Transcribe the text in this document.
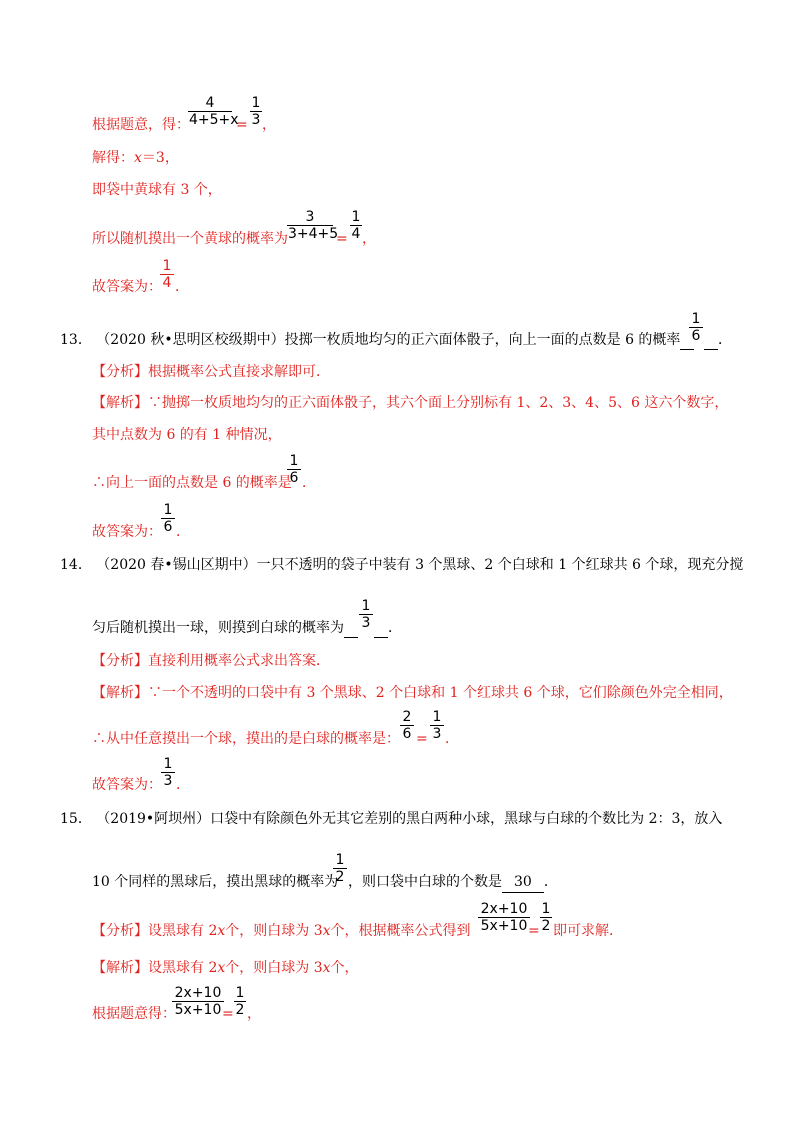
根据题意，得：
$\frac{4}{4+5+x} = \frac{1}{3}$ ，
解得：x＝3，
即袋中黄球有 3 个，
所以随机摸出一个黄球的概率为 $\frac{3}{3+4+5} = \frac{1}{4}$ ，
故答案为：
$\frac{1}{4}$ ．
13． （2020 秋•思明区校级期中）投掷一枚质地均匀的正六面体骰子，向上一面的点数是 6 的概率 $\frac{1}{6}$	．
【分析】根据概率公式直接求解即可．
【解析】∵抛掷一枚质地均匀的正六面体骰子，其六个面上分别标有 1、2、3、4、5、6 这六个数字，
其中点数为 6 的有 1 种情况，
∴向上一面的点数是 6 的概率是
$\frac{1}{6}$ ．
故答案为： $\frac{1}{6}$ ．
14． （2020 春•锡山区期中）一只不透明的袋子中装有 3 个黑球、2 个白球和 1 个红球共 6 个球，现充分搅
匀后随机摸出一球，则摸到白球的概率为	$\frac{1}{3}$	．
【分析】直接利用概率公式求出答案．
【解析】∵一个不透明的口袋中有 3 个黑球、2 个白球和 1 个红球共 6 个球，它们除颜色外完全相同，
∴从中任意摸出一个球，摸出的是白球的概率是： $\frac{2}{6} = \frac{1}{3}$ ．
故答案为： $\frac{1}{3}$ ．
15． （2019•阿坝州）口袋中有除颜色外无其它差别的黑白两种小球，黑球与白球的个数比为 2：3，放入
10 个同样的黑球后，摸出黑球的概率为
$\frac{1}{2}$ ，则口袋中白球的个数是 30 ．
【分析】设黑球有 2x个，则白球为 3x个，根据概率公式得到 $\frac{2x+10}{5x+10}$
= $\frac{1}{2}$ 即可求解．
【解析】设黑球有 2x个，则白球为 3x个，
根据题意得：
$\frac{2x+10}{5x+10}$
= $\frac{1}{2}$ ，
